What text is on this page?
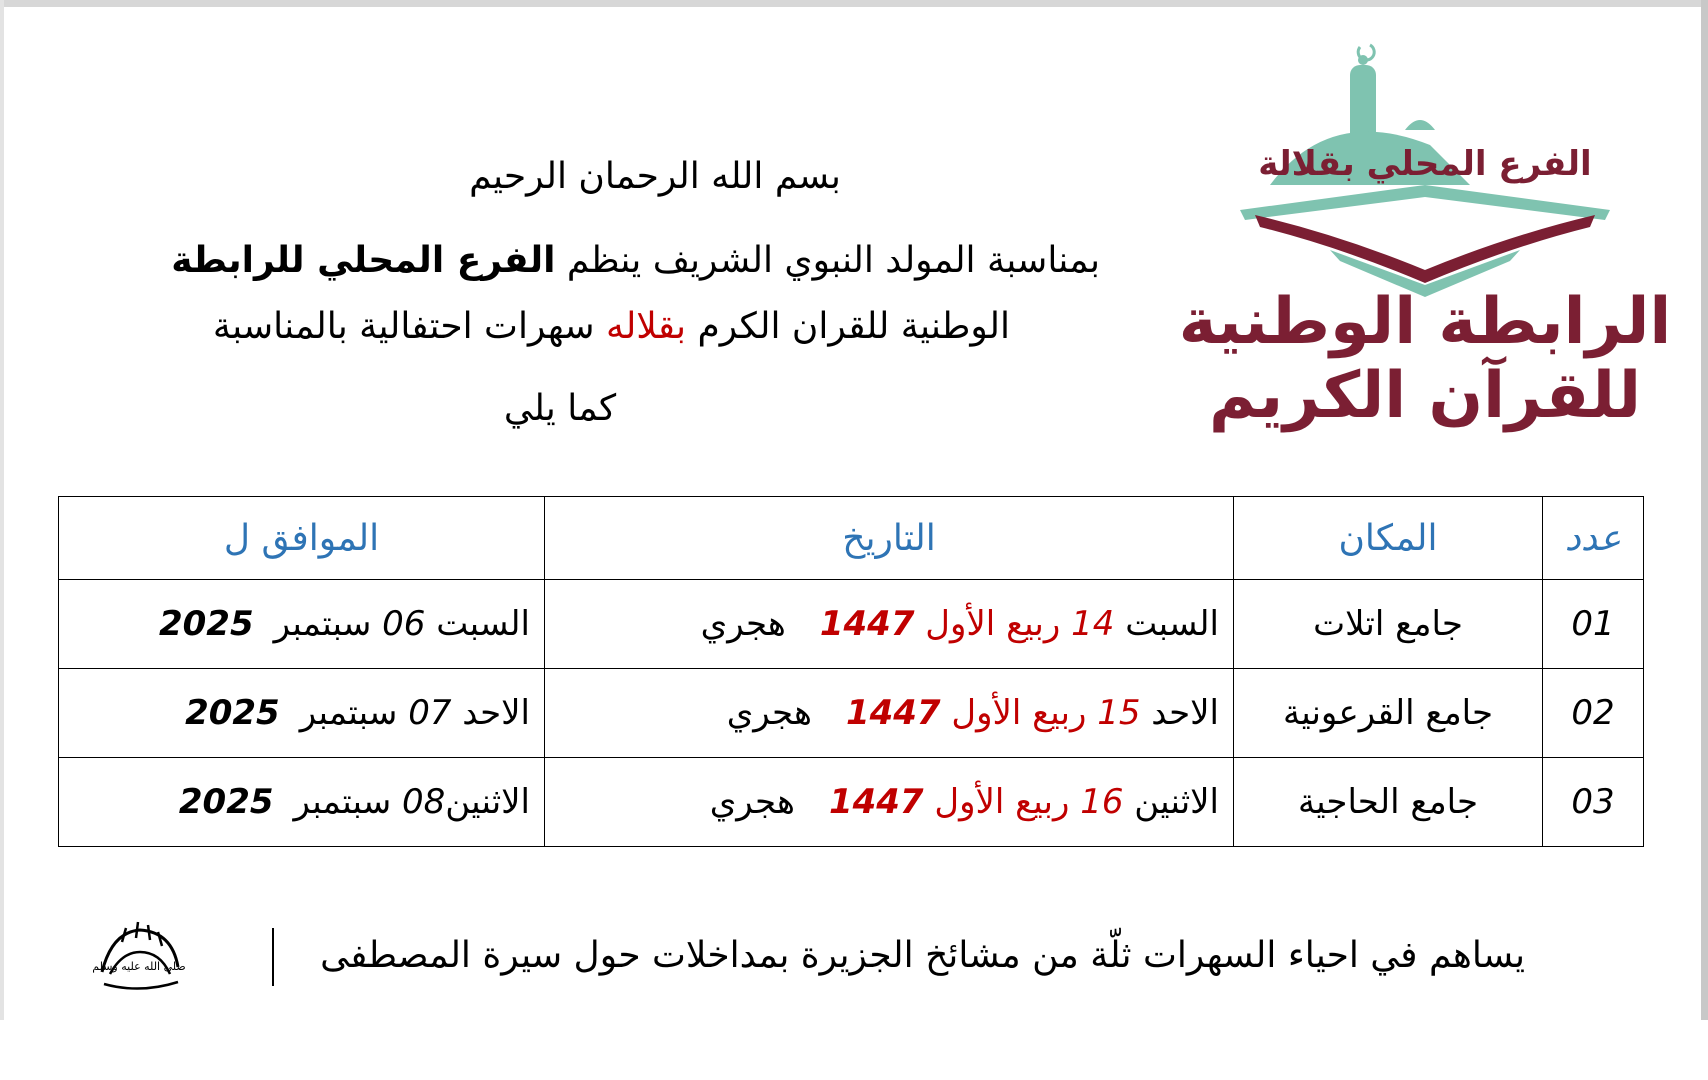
الفرع المحلي بقلالة
الرابطة الوطنية
للقرآن الكريم
بسم الله الرحمان الرحيم
بمناسبة المولد النبوي الشريف ينظم الفرع المحلي للرابطة
الوطنية للقران الكرم بقلاله سهرات احتفالية بالمناسبة
كما يلي
عدد	المكان	التاريخ	الموافق ل
01	جامع اتلات	السبت 14 ربيع الأول 1447هجري	السبت 06 سبتمبر2025
02	جامع القرعونية	الاحد 15 ربيع الأول 1447هجري	الاحد 07 سبتمبر2025
03	جامع الحاجية	الاثنين 16 ربيع الأول 1447هجري	الاثنين08 سبتمبر2025
يساهم في احياء السهرات ثلّة من مشائخ الجزيرة بمداخلات حول سيرة المصطفى
صلى الله عليه وسلم
